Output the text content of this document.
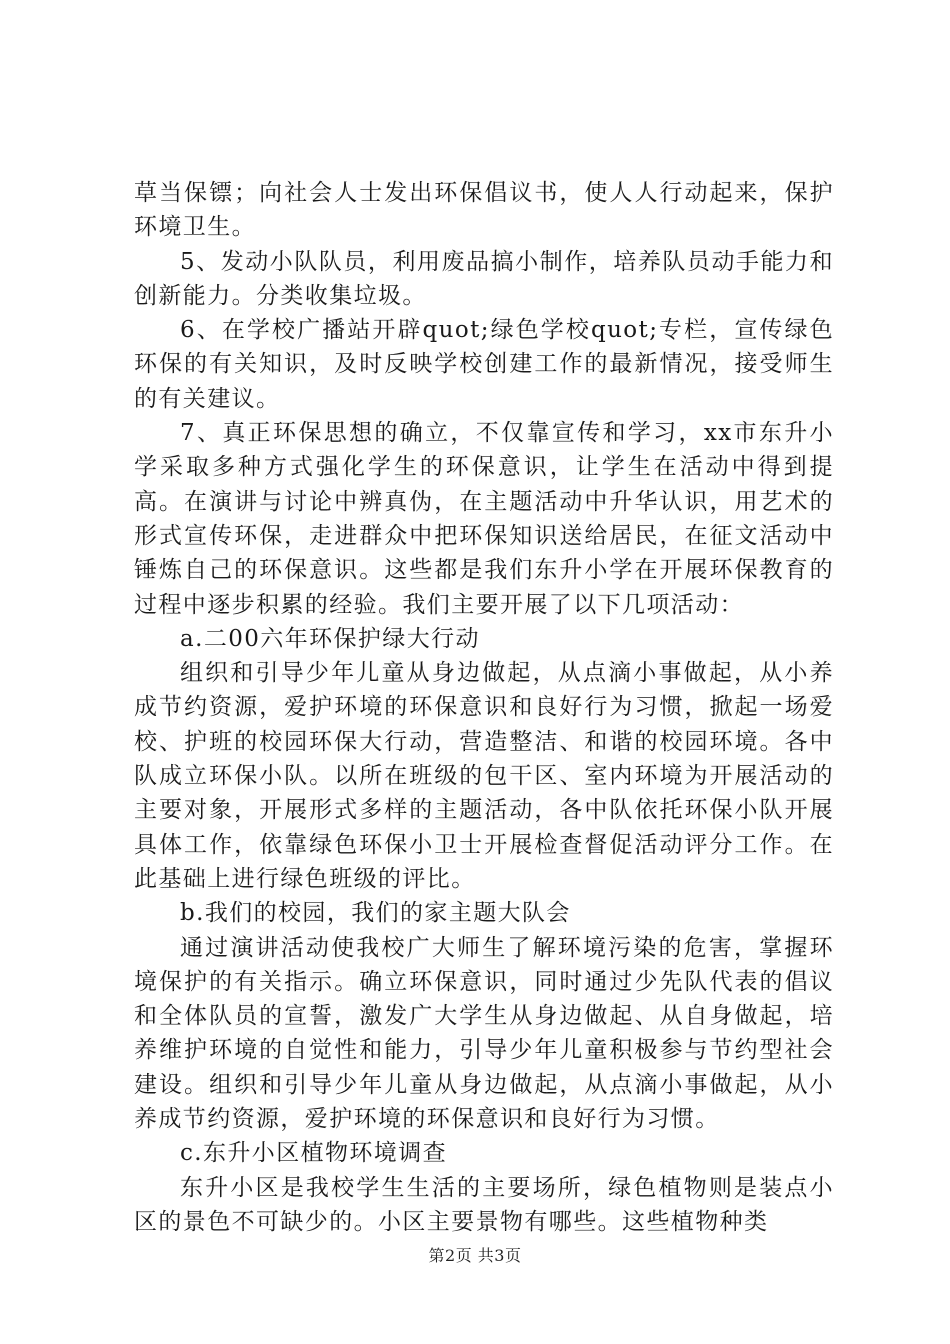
草当保镖；向社会人士发出环保倡议书，使人人行动起来，保护环境卫生。

5、发动小队队员，利用废品搞小制作，培养队员动手能力和创新能力。分类收集垃圾。

6、在学校广播站开辟quot;绿色学校quot;专栏，宣传绿色环保的有关知识，及时反映学校创建工作的最新情况，接受师生的有关建议。

7、真正环保思想的确立，不仅靠宣传和学习，xx市东升小学采取多种方式强化学生的环保意识，让学生在活动中得到提高。在演讲与讨论中辨真伪，在主题活动中升华认识，用艺术的形式宣传环保，走进群众中把环保知识送给居民，在征文活动中锤炼自己的环保意识。这些都是我们东升小学在开展环保教育的过程中逐步积累的经验。我们主要开展了以下几项活动：

a.二00六年环保护绿大行动

组织和引导少年儿童从身边做起，从点滴小事做起，从小养成节约资源，爱护环境的环保意识和良好行为习惯，掀起一场爱校、护班的校园环保大行动，营造整洁、和谐的校园环境。各中队成立环保小队。以所在班级的包干区、室内环境为开展活动的主要对象，开展形式多样的主题活动，各中队依托环保小队开展具体工作，依靠绿色环保小卫士开展检查督促活动评分工作。在此基础上进行绿色班级的评比。

b.我们的校园，我们的家主题大队会

通过演讲活动使我校广大师生了解环境污染的危害，掌握环境保护的有关指示。确立环保意识，同时通过少先队代表的倡议和全体队员的宣誓，激发广大学生从身边做起、从自身做起，培养维护环境的自觉性和能力，引导少年儿童积极参与节约型社会建设。组织和引导少年儿童从身边做起，从点滴小事做起，从小养成节约资源，爱护环境的环保意识和良好行为习惯。

c.东升小区植物环境调查

东升小区是我校学生生活的主要场所，绿色植物则是装点小区的景色不可缺少的。小区主要景物有哪些。这些植物种类

第2页 共3页
